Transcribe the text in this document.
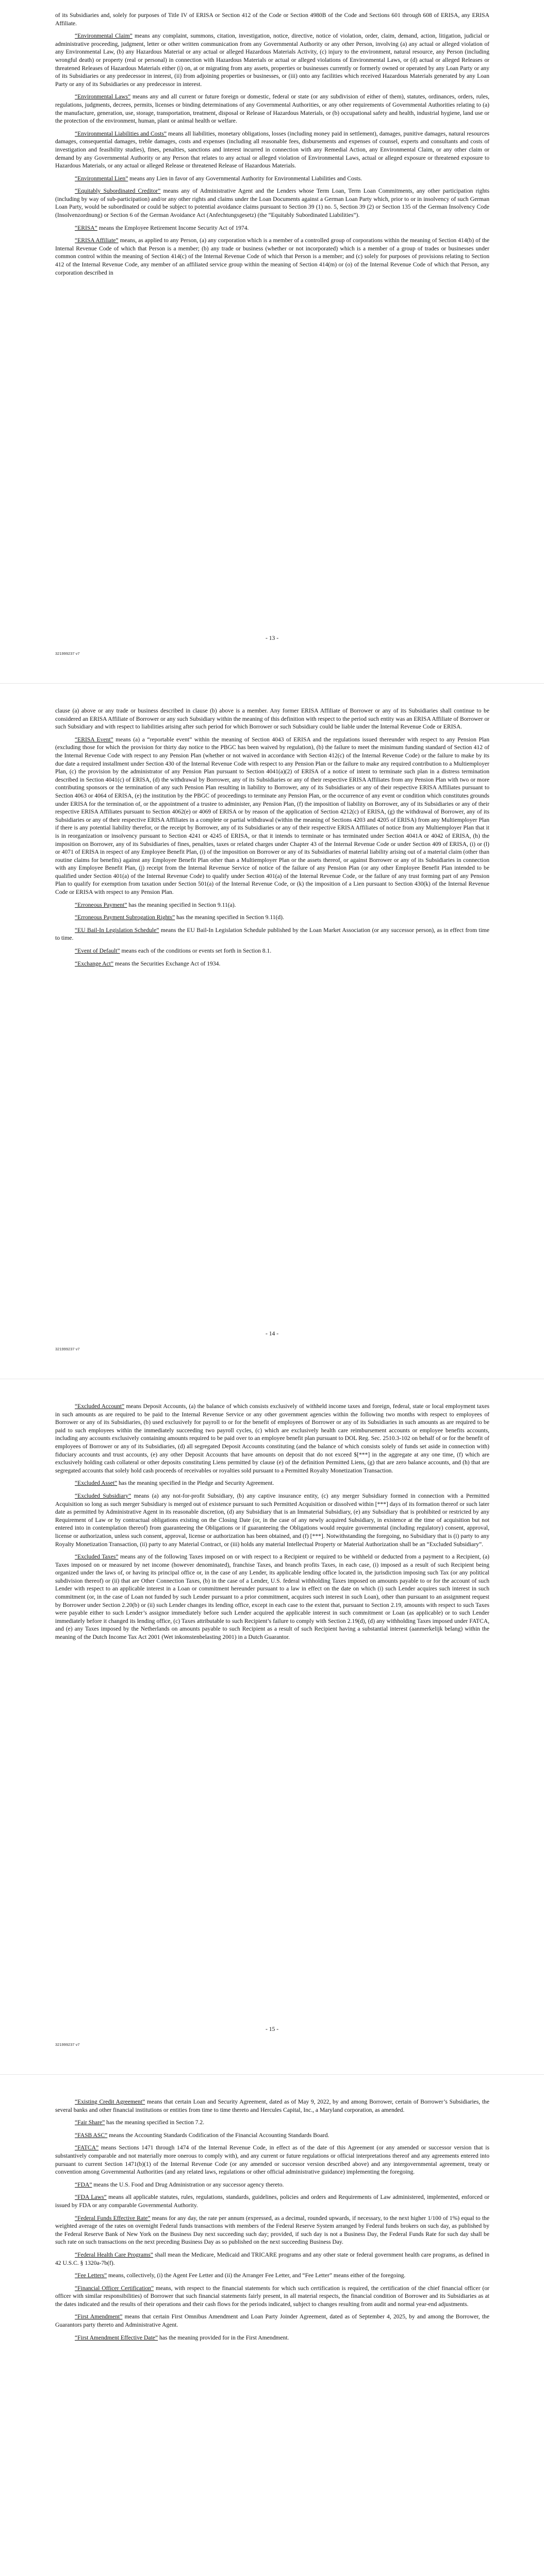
of its Subsidiaries and, solely for purposes of Title IV of ERISA or Section 412 of the Code or Section 4980B of the Code and Sections 601 through 608 of ERISA, any ERISA Affiliate.

“Environmental Claim” means any complaint, summons, citation, investigation, notice, directive, notice of violation, order, claim, demand, action, litigation, judicial or administrative proceeding, judgment, letter or other written communication from any Governmental Authority or any other Person, involving (a) any actual or alleged violation of any Environmental Law, (b) any Hazardous Material or any actual or alleged Hazardous Materials Activity, (c) injury to the environment, natural resource, any Person (including wrongful death) or property (real or personal) in connection with Hazardous Materials or actual or alleged violations of Environmental Laws, or (d) actual or alleged Releases or threatened Releases of Hazardous Materials either (i) on, at or migrating from any assets, properties or businesses currently or formerly owned or operated by any Loan Party or any of its Subsidiaries or any predecessor in interest, (ii) from adjoining properties or businesses, or (iii) onto any facilities which received Hazardous Materials generated by any Loan Party or any of its Subsidiaries or any predecessor in interest.

“Environmental Laws” means any and all current or future foreign or domestic, federal or state (or any subdivision of either of them), statutes, ordinances, orders, rules, regulations, judgments, decrees, permits, licenses or binding determinations of any Governmental Authorities, or any other requirements of Governmental Authorities relating to (a) the manufacture, generation, use, storage, transportation, treatment, disposal or Release of Hazardous Materials, or (b) occupational safety and health, industrial hygiene, land use or the protection of the environment, human, plant or animal health or welfare.

“Environmental Liabilities and Costs” means all liabilities, monetary obligations, losses (including money paid in settlement), damages, punitive damages, natural resources damages, consequential damages, treble damages, costs and expenses (including all reasonable fees, disbursements and expenses of counsel, experts and consultants and costs of investigation and feasibility studies), fines, penalties, sanctions and interest incurred in connection with any Remedial Action, any Environmental Claim, or any other claim or demand by any Governmental Authority or any Person that relates to any actual or alleged violation of Environmental Laws, actual or alleged exposure or threatened exposure to Hazardous Materials, or any actual or alleged Release or threatened Release of Hazardous Materials.

“Environmental Lien” means any Lien in favor of any Governmental Authority for Environmental Liabilities and Costs.

“Equitably Subordinated Creditor” means any of Administrative Agent and the Lenders whose Term Loan, Term Loan Commitments, any other participation rights (including by way of sub-participation) and/or any other rights and claims under the Loan Documents against a German Loan Party which, prior to or in insolvency of such German Loan Party, would be subordinated or could be subject to potential avoidance claims pursuant to Section 39 (1) no. 5, Section 39 (2) or Section 135 of the German Insolvency Code (Insolvenzordnung) or Section 6 of the German Avoidance Act (Anfechtungsgesetz) (the “Equitably Subordinated Liabilities”).

“ERISA” means the Employee Retirement Income Security Act of 1974.

“ERISA Affiliate” means, as applied to any Person, (a) any corporation which is a member of a controlled group of corporations within the meaning of Section 414(b) of the Internal Revenue Code of which that Person is a member; (b) any trade or business (whether or not incorporated) which is a member of a group of trades or businesses under common control within the meaning of Section 414(c) of the Internal Revenue Code of which that Person is a member; and (c) solely for purposes of provisions relating to Section 412 of the Internal Revenue Code, any member of an affiliated service group within the meaning of Section 414(m) or (o) of the Internal Revenue Code of which that Person, any corporation described in

- 13 -
321999237 v7

clause (a) above or any trade or business described in clause (b) above is a member. Any former ERISA Affiliate of Borrower or any of its Subsidiaries shall continue to be considered an ERISA Affiliate of Borrower or any such Subsidiary within the meaning of this definition with respect to the period such entity was an ERISA Affiliate of Borrower or such Subsidiary and with respect to liabilities arising after such period for which Borrower or such Subsidiary could be liable under the Internal Revenue Code or ERISA.

“ERISA Event” means (a) a “reportable event” within the meaning of Section 4043 of ERISA and the regulations issued thereunder with respect to any Pension Plan (excluding those for which the provision for thirty day notice to the PBGC has been waived by regulation), (b) the failure to meet the minimum funding standard of Section 412 of the Internal Revenue Code with respect to any Pension Plan (whether or not waived in accordance with Section 412(c) of the Internal Revenue Code) or the failure to make by its due date a required installment under Section 430 of the Internal Revenue Code with respect to any Pension Plan or the failure to make any required contribution to a Multiemployer Plan, (c) the provision by the administrator of any Pension Plan pursuant to Section 4041(a)(2) of ERISA of a notice of intent to terminate such plan in a distress termination described in Section 4041(c) of ERISA, (d) the withdrawal by Borrower, any of its Subsidiaries or any of their respective ERISA Affiliates from any Pension Plan with two or more contributing sponsors or the termination of any such Pension Plan resulting in liability to Borrower, any of its Subsidiaries or any of their respective ERISA Affiliates pursuant to Section 4063 or 4064 of ERISA, (e) the institution by the PBGC of proceedings to terminate any Pension Plan, or the occurrence of any event or condition which constitutes grounds under ERISA for the termination of, or the appointment of a trustee to administer, any Pension Plan, (f) the imposition of liability on Borrower, any of its Subsidiaries or any of their respective ERISA Affiliates pursuant to Section 4062(e) or 4069 of ERISA or by reason of the application of Section 4212(c) of ERISA, (g) the withdrawal of Borrower, any of its Subsidiaries or any of their respective ERISA Affiliates in a complete or partial withdrawal (within the meaning of Sections 4203 and 4205 of ERISA) from any Multiemployer Plan if there is any potential liability therefor, or the receipt by Borrower, any of its Subsidiaries or any of their respective ERISA Affiliates of notice from any Multiemployer Plan that it is in reorganization or insolvency pursuant to Section 4241 or 4245 of ERISA, or that it intends to terminate or has terminated under Section 4041A or 4042 of ERISA, (h) the imposition on Borrower, any of its Subsidiaries of fines, penalties, taxes or related charges under Chapter 43 of the Internal Revenue Code or under Section 409 of ERISA, (i) or (l) or 4071 of ERISA in respect of any Employee Benefit Plan, (i) of the imposition on Borrower or any of its Subsidiaries of material liability arising out of a material claim (other than routine claims for benefits) against any Employee Benefit Plan other than a Multiemployer Plan or the assets thereof, or against Borrower or any of its Subsidiaries in connection with any Employee Benefit Plan, (j) receipt from the Internal Revenue Service of notice of the failure of any Pension Plan (or any other Employee Benefit Plan intended to be qualified under Section 401(a) of the Internal Revenue Code) to qualify under Section 401(a) of the Internal Revenue Code, or the failure of any trust forming part of any Pension Plan to qualify for exemption from taxation under Section 501(a) of the Internal Revenue Code, or (k) the imposition of a Lien pursuant to Section 430(k) of the Internal Revenue Code or ERISA with respect to any Pension Plan.

“Erroneous Payment” has the meaning specified in Section 9.11(a).

“Erroneous Payment Subrogation Rights” has the meaning specified in Section 9.11(d).

“EU Bail-In Legislation Schedule” means the EU Bail-In Legislation Schedule published by the Loan Market Association (or any successor person), as in effect from time to time.

“Event of Default” means each of the conditions or events set forth in Section 8.1.

“Exchange Act” means the Securities Exchange Act of 1934.

- 14 -
321999237 v7

“Excluded Account” means Deposit Accounts, (a) the balance of which consists exclusively of withheld income taxes and foreign, federal, state or local employment taxes in such amounts as are required to be paid to the Internal Revenue Service or any other government agencies within the following two months with respect to employees of Borrower or any of its Subsidiaries, (b) used exclusively for payroll to or for the benefit of employees of Borrower or any of its Subsidiaries in such amounts as are required to be paid to such employees within the immediately succeeding two payroll cycles, (c) which are exclusively health care reimbursement accounts or employee benefits accounts, including any accounts exclusively containing amounts required to be paid over to an employee benefit plan pursuant to DOL Reg. Sec. 2510.3-102 on behalf of or for the benefit of employees of Borrower or any of its Subsidiaries, (d) all segregated Deposit Accounts constituting (and the balance of which consists solely of funds set aside in connection with) fiduciary accounts and trust accounts, (e) any other Deposit Accounts that have amounts on deposit that do not exceed $[***] in the aggregate at any one time, (f) which are exclusively holding cash collateral or other deposits constituting Liens permitted by clause (e) of the definition Permitted Liens, (g) that are zero balance accounts, and (h) that are segregated accounts that solely hold cash proceeds of receivables or royalties sold pursuant to a Permitted Royalty Monetization Transaction.

“Excluded Asset” has the meaning specified in the Pledge and Security Agreement.

“Excluded Subsidiary” means (a) any not-for-profit Subsidiary, (b) any captive insurance entity, (c) any merger Subsidiary formed in connection with a Permitted Acquisition so long as such merger Subsidiary is merged out of existence pursuant to such Permitted Acquisition or dissolved within [***] days of its formation thereof or such later date as permitted by Administrative Agent in its reasonable discretion, (d) any Subsidiary that is an Immaterial Subsidiary, (e) any Subsidiary that is prohibited or restricted by any Requirement of Law or by contractual obligations existing on the Closing Date (or, in the case of any newly acquired Subsidiary, in existence at the time of acquisition but not entered into in contemplation thereof) from guaranteeing the Obligations or if guaranteeing the Obligations would require governmental (including regulatory) consent, approval, license or authorization, unless such consent, approval, license or authorization has been obtained, and (f) [***]. Notwithstanding the foregoing, no Subsidiary that is (i) party to any Royalty Monetization Transaction, (ii) party to any Material Contract, or (iii) holds any material Intellectual Property or Material Authorization shall be an “Excluded Subsidiary”.

“Excluded Taxes” means any of the following Taxes imposed on or with respect to a Recipient or required to be withheld or deducted from a payment to a Recipient, (a) Taxes imposed on or measured by net income (however denominated), franchise Taxes, and branch profits Taxes, in each case, (i) imposed as a result of such Recipient being organized under the laws of, or having its principal office or, in the case of any Lender, its applicable lending office located in, the jurisdiction imposing such Tax (or any political subdivision thereof) or (ii) that are Other Connection Taxes, (b) in the case of a Lender, U.S. federal withholding Taxes imposed on amounts payable to or for the account of such Lender with respect to an applicable interest in a Loan or commitment hereunder pursuant to a law in effect on the date on which (i) such Lender acquires such interest in such commitment (or, in the case of Loan not funded by such Lender pursuant to a prior commitment, acquires such interest in such Loan), other than pursuant to an assignment request by Borrower under Section 2.20(b) or (ii) such Lender changes its lending office, except in each case to the extent that, pursuant to Section 2.19, amounts with respect to such Taxes were payable either to such Lender’s assignor immediately before such Lender acquired the applicable interest in such commitment or Loan (as applicable) or to such Lender immediately before it changed its lending office, (c) Taxes attributable to such Recipient’s failure to comply with Section 2.19(d), (d) any withholding Taxes imposed under FATCA, and (e) any Taxes imposed by the Netherlands on amounts payable to such Recipient as a result of such Recipient having a substantial interest (aanmerkelijk belang) within the meaning of the Dutch Income Tax Act 2001 (Wet inkomstenbelasting 2001) in a Dutch Guarantor.

- 15 -
321999237 v7

“Existing Credit Agreement” means that certain Loan and Security Agreement, dated as of May 9, 2022, by and among Borrower, certain of Borrower’s Subsidiaries, the several banks and other financial institutions or entities from time to time thereto and Hercules Capital, Inc., a Maryland corporation, as amended.

“Fair Share” has the meaning specified in Section 7.2.

“FASB ASC” means the Accounting Standards Codification of the Financial Accounting Standards Board.

“FATCA” means Sections 1471 through 1474 of the Internal Revenue Code, in effect as of the date of this Agreement (or any amended or successor version that is substantively comparable and not materially more onerous to comply with), and any current or future regulations or official interpretations thereof and any agreements entered into pursuant to current Section 1471(b)(1) of the Internal Revenue Code (or any amended or successor version described above) and any intergovernmental agreement, treaty or convention among Governmental Authorities (and any related laws, regulations or other official administrative guidance) implementing the foregoing.

“FDA” means the U.S. Food and Drug Administration or any successor agency thereto.

“FDA Laws” means all applicable statutes, rules, regulations, standards, guidelines, policies and orders and Requirements of Law administered, implemented, enforced or issued by FDA or any comparable Governmental Authority.

“Federal Funds Effective Rate” means for any day, the rate per annum (expressed, as a decimal, rounded upwards, if necessary, to the next higher 1/100 of 1%) equal to the weighted average of the rates on overnight Federal funds transactions with members of the Federal Reserve System arranged by Federal funds brokers on such day, as published by the Federal Reserve Bank of New York on the Business Day next succeeding such day; provided, if such day is not a Business Day, the Federal Funds Rate for such day shall be such rate on such transactions on the next preceding Business Day as so published on the next succeeding Business Day.

“Federal Health Care Programs” shall mean the Medicare, Medicaid and TRICARE programs and any other state or federal government health care programs, as defined in 42 U.S.C. § 1320a-7b(f).

“Fee Letters” means, collectively, (i) the Agent Fee Letter and (ii) the Arranger Fee Letter, and “Fee Letter” means either of the foregoing.

“Financial Officer Certification” means, with respect to the financial statements for which such certification is required, the certification of the chief financial officer (or officer with similar responsibilities) of Borrower that such financial statements fairly present, in all material respects, the financial condition of Borrower and its Subsidiaries as at the dates indicated and the results of their operations and their cash flows for the periods indicated, subject to changes resulting from audit and normal year-end adjustments.

“First Amendment” means that certain First Omnibus Amendment and Loan Party Joinder Agreement, dated as of September 4, 2025, by and among the Borrower, the Guarantors party thereto and Administrative Agent.

“First Amendment Effective Date” has the meaning provided for in the First Amendment.
